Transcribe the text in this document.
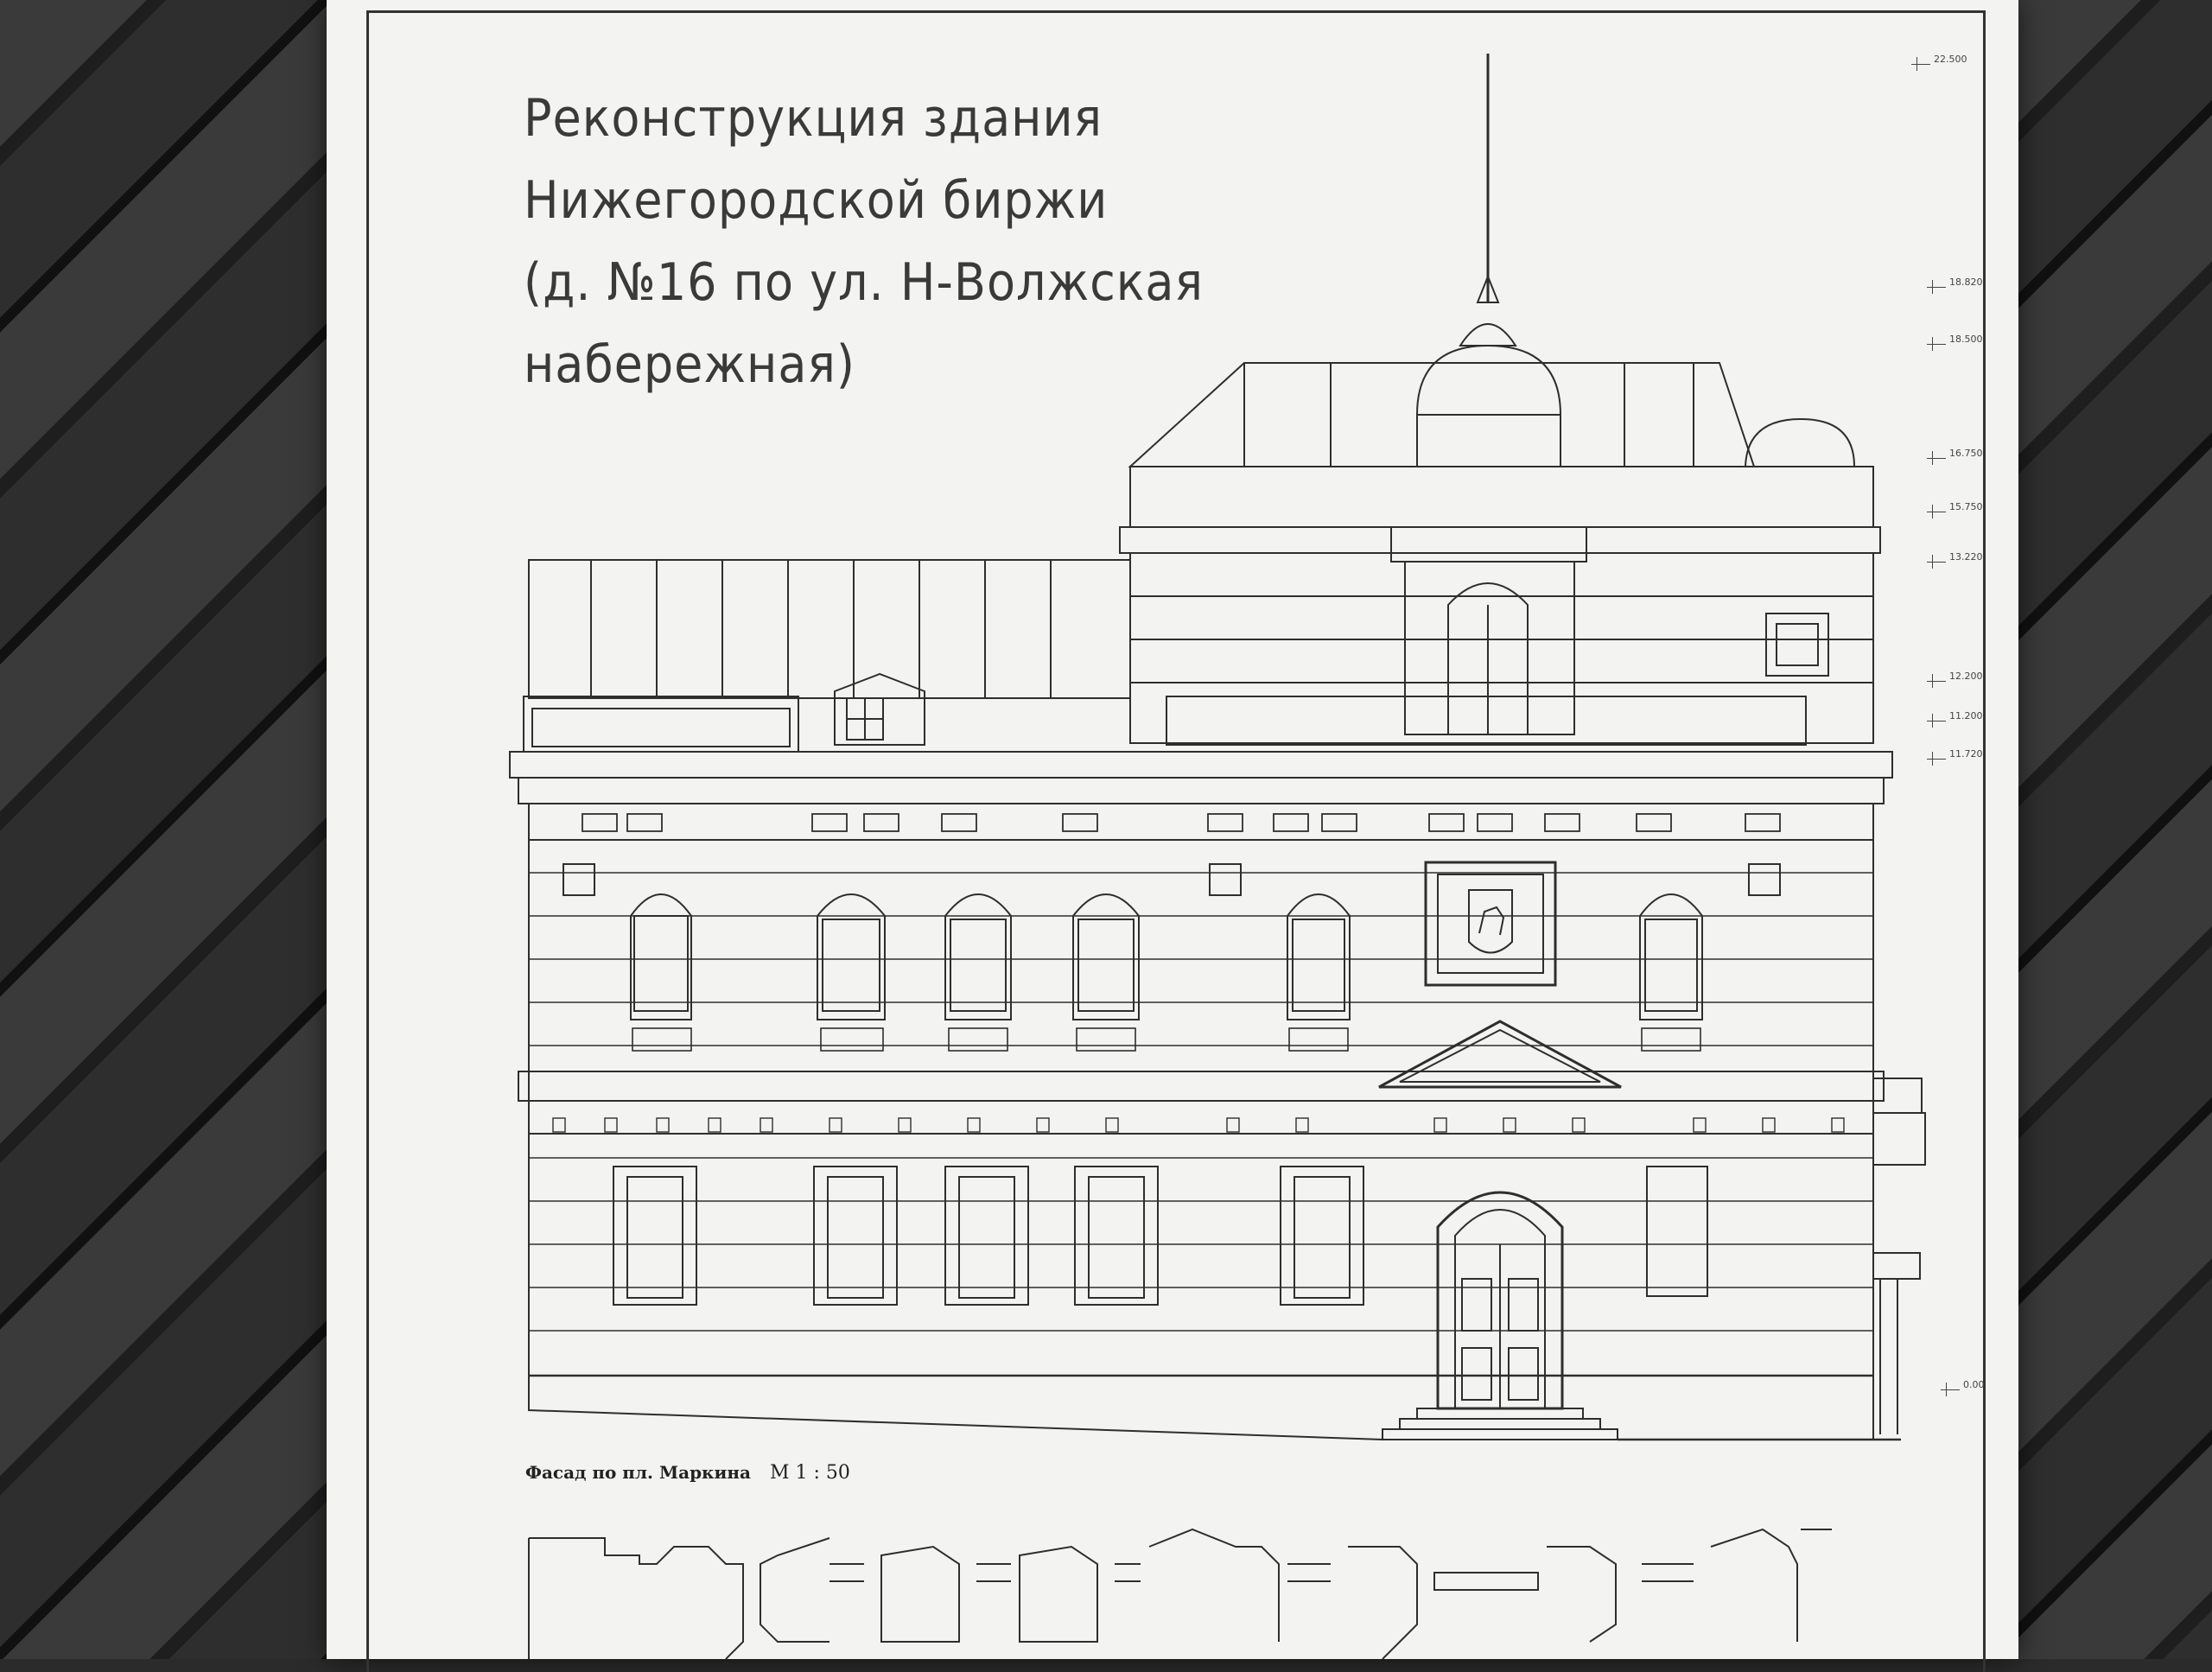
Реконструкция здания
Нижегородской биржи
(д. №16 по ул. Н-Волжская
набережная)
22.500
18.820
18.500
16.750
15.750
13.220
12.200
11.200
11.720
0.00
Фасад по пл. Маркина М 1 : 50
